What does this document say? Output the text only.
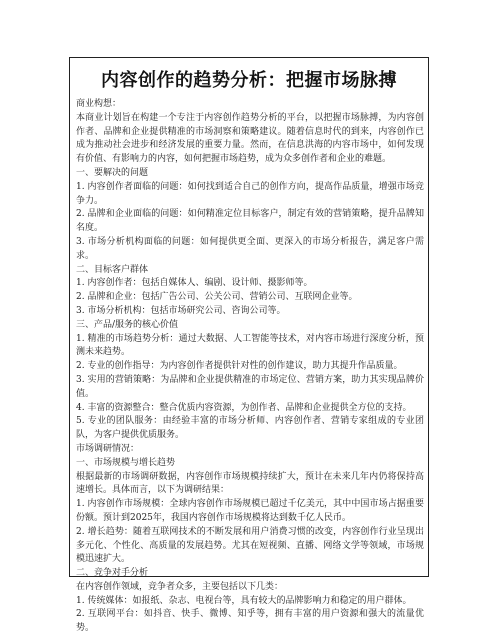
内容创作的趋势分析：把握市场脉搏

商业构想：

本商业计划旨在构建一个专注于内容创作趋势分析的平台，以把握市场脉搏，为内容创作者、品牌和企业提供精准的市场洞察和策略建议。随着信息时代的到来，内容创作已成为推动社会进步和经济发展的重要力量。然而，在信息洪海的内容市场中，如何发现有价值、有影响力的内容，如何把握市场趋势，成为众多创作者和企业的难题。

一、要解决的问题

1. 内容创作者面临的问题：如何找到适合自己的创作方向，提高作品质量，增强市场竞争力。

2. 品牌和企业面临的问题：如何精准定位目标客户，制定有效的营销策略，提升品牌知名度。

3. 市场分析机构面临的问题：如何提供更全面、更深入的市场分析报告，满足客户需求。

二、目标客户群体

1. 内容创作者：包括自媒体人、编剧、设计师、摄影师等。

2. 品牌和企业：包括广告公司、公关公司、营销公司、互联网企业等。

3. 市场分析机构：包括市场研究公司、咨询公司等。

三、产品/服务的核心价值

1. 精准的市场趋势分析：通过大数据、人工智能等技术，对内容市场进行深度分析，预测未来趋势。

2. 专业的创作指导：为内容创作者提供针对性的创作建议，助力其提升作品质量。

3. 实用的营销策略：为品牌和企业提供精准的市场定位、营销方案，助力其实现品牌价值。

4. 丰富的资源整合：整合优质内容资源，为创作者、品牌和企业提供全方位的支持。

5. 专业的团队服务：由经验丰富的市场分析师、内容创作者、营销专家组成的专业团队，为客户提供优质服务。

市场调研情况：

一、市场规模与增长趋势

根据最新的市场调研数据，内容创作市场规模持续扩大，预计在未来几年内仍将保持高速增长。具体而言，以下为调研结果：

1. 内容创作市场规模：全球内容创作市场规模已超过千亿美元，其中中国市场占据重要份额。预计到2025年，我国内容创作市场规模将达到数千亿人民币。

2. 增长趋势：随着互联网技术的不断发展和用户消费习惯的改变，内容创作行业呈现出多元化、个性化、高质量的发展趋势。尤其在短视频、直播、网络文学等领域，市场规模迅速扩大。

二、竞争对手分析

在内容创作领域，竞争者众多，主要包括以下几类：

1. 传统媒体：如报纸、杂志、电视台等，具有较大的品牌影响力和稳定的用户群体。

2. 互联网平台：如抖音、快手、微博、知乎等，拥有丰富的用户资源和强大的流量优势。
